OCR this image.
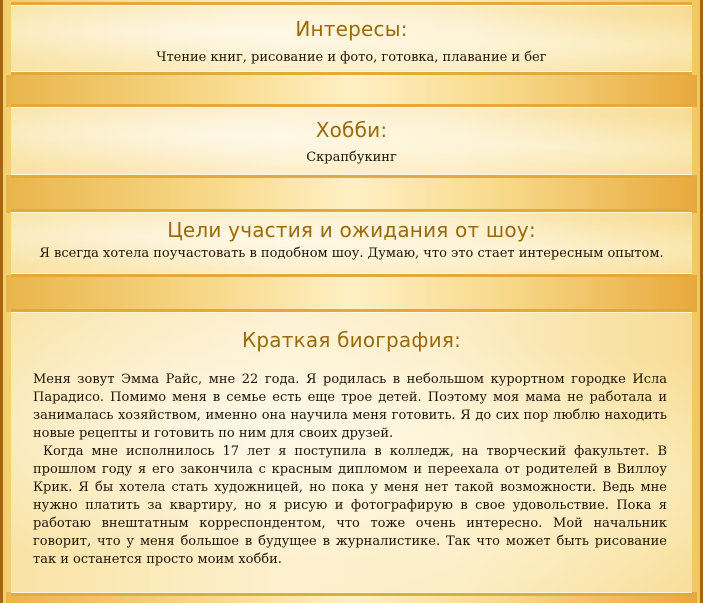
Интересы:
Чтение книг, рисование и фото, готовка, плавание и бег
Хобби:
Скрапбукинг
Цели участия и ожидания от шоу:
Я всегда хотела поучастовать в подобном шоу. Думаю, что это стает интересным опытом.
Краткая биография:

Меня зовут Эмма Райс, мне 22 года. Я родилась в небольшом курортном городке Исла Парадисо. Помимо меня в семье есть еще трое детей. Поэтому моя мама не работала и занималась хозяйством, именно она научила меня готовить. Я до сих пор люблю находить новые рецепты и готовить по ним для своих друзей.

Когда мне исполнилось 17 лет я поступила в колледж, на творческий факультет. В прошлом году я его закончила с красным дипломом и переехала от родителей в Виллоу Крик. Я бы хотела стать художницей, но пока у меня нет такой возможности. Ведь мне нужно платить за квартиру, но я рисую и фотографирую в свое удовольствие. Пока я работаю внештатным корреспондентом, что тоже очень интересно. Мой начальник говорит, что у меня большое в будущее в журналистике. Так что может быть рисование так и останется просто моим хобби.
